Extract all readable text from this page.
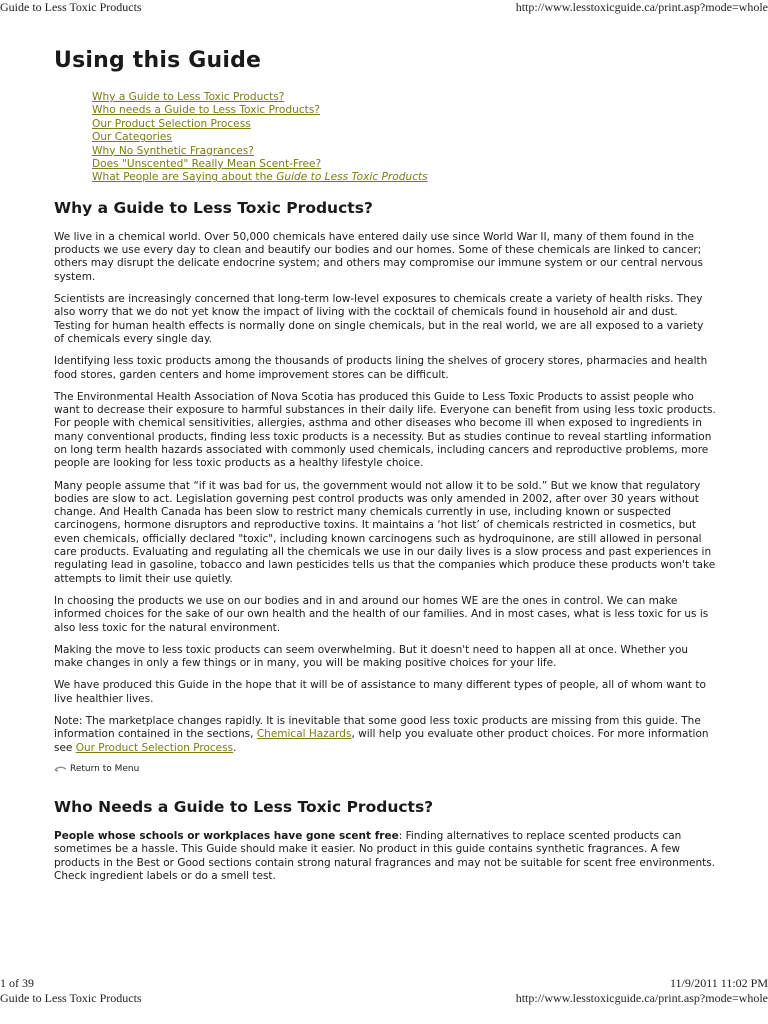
Guide to Less Toxic Products	http://www.lesstoxicguide.ca/print.asp?mode=whole
Using this Guide
Why a Guide to Less Toxic Products?
Who needs a Guide to Less Toxic Products?
Our Product Selection Process
Our Categories
Why No Synthetic Fragrances?
Does "Unscented" Really Mean Scent-Free?
What People are Saying about the Guide to Less Toxic Products
Why a Guide to Less Toxic Products?

We live in a chemical world. Over 50,000 chemicals have entered daily use since World War II, many of them found in the products we use every day to clean and beautify our bodies and our homes. Some of these chemicals are linked to cancer; others may disrupt the delicate endocrine system; and others may compromise our immune system or our central nervous system.

Scientists are increasingly concerned that long-term low-level exposures to chemicals create a variety of health risks. They also worry that we do not yet know the impact of living with the cocktail of chemicals found in household air and dust. Testing for human health effects is normally done on single chemicals, but in the real world, we are all exposed to a variety of chemicals every single day.

Identifying less toxic products among the thousands of products lining the shelves of grocery stores, pharmacies and health food stores, garden centers and home improvement stores can be difficult.

The Environmental Health Association of Nova Scotia has produced this Guide to Less Toxic Products to assist people who want to decrease their exposure to harmful substances in their daily life. Everyone can benefit from using less toxic products. For people with chemical sensitivities, allergies, asthma and other diseases who become ill when exposed to ingredients in many conventional products, finding less toxic products is a necessity. But as studies continue to reveal startling information on long term health hazards associated with commonly used chemicals, including cancers and reproductive problems, more people are looking for less toxic products as a healthy lifestyle choice.

Many people assume that “if it was bad for us, the government would not allow it to be sold.” But we know that regulatory bodies are slow to act. Legislation governing pest control products was only amended in 2002, after over 30 years without change. And Health Canada has been slow to restrict many chemicals currently in use, including known or suspected carcinogens, hormone disruptors and reproductive toxins. It maintains a ‘hot list’ of chemicals restricted in cosmetics, but even chemicals, officially declared "toxic", including known carcinogens such as hydroquinone, are still allowed in personal care products. Evaluating and regulating all the chemicals we use in our daily lives is a slow process and past experiences in regulating lead in gasoline, tobacco and lawn pesticides tells us that the companies which produce these products won't take attempts to limit their use quietly.

In choosing the products we use on our bodies and in and around our homes WE are the ones in control. We can make informed choices for the sake of our own health and the health of our families. And in most cases, what is less toxic for us is also less toxic for the natural environment.

Making the move to less toxic products can seem overwhelming. But it doesn't need to happen all at once. Whether you make changes in only a few things or in many, you will be making positive choices for your life.

We have produced this Guide in the hope that it will be of assistance to many different types of people, all of whom want to live healthier lives.

Note: The marketplace changes rapidly. It is inevitable that some good less toxic products are missing from this guide. The information contained in the sections, Chemical Hazards, will help you evaluate other product choices. For more information see Our Product Selection Process.

Return to Menu
Who Needs a Guide to Less Toxic Products?

People whose schools or workplaces have gone scent free: Finding alternatives to replace scented products can sometimes be a hassle. This Guide should make it easier. No product in this guide contains synthetic fragrances. A few products in the Best or Good sections contain strong natural fragrances and may not be suitable for scent free environments. Check ingredient labels or do a smell test.

1 of 39	11/9/2011 11:02 PM
Guide to Less Toxic Products	http://www.lesstoxicguide.ca/print.asp?mode=whole
